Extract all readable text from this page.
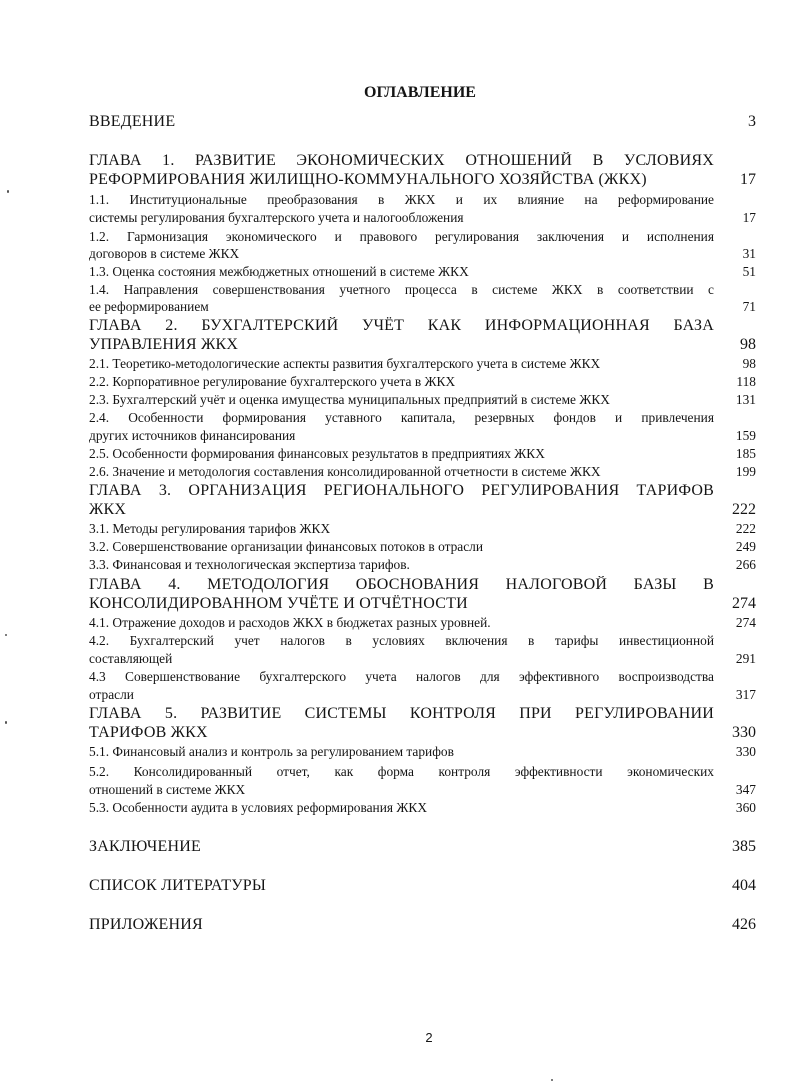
ОГЛАВЛЕНИЕ
ВВЕДЕНИЕ	3
ГЛАВА 1. РАЗВИТИЕ ЭКОНОМИЧЕСКИХ ОТНОШЕНИЙ В УСЛОВИЯХ
РЕФОРМИРОВАНИЯ ЖИЛИЩНО-КОММУНАЛЬНОГО ХОЗЯЙСТВА (ЖКХ)	17
1.1. Институциональные преобразования в ЖКХ и их влияние на реформирование
системы регулирования бухгалтерского учета и налогообложения	17
1.2. Гармонизация экономического и правового регулирования заключения и исполнения
договоров в системе ЖКХ	31
1.3. Оценка состояния межбюджетных отношений в системе ЖКХ	51
1.4. Направления совершенствования учетного процесса в системе ЖКХ в соответствии с
ее реформированием	71
ГЛАВА 2. БУХГАЛТЕРСКИЙ УЧЁТ КАК ИНФОРМАЦИОННАЯ БАЗА
УПРАВЛЕНИЯ ЖКХ	98
2.1. Теоретико-методологические аспекты развития бухгалтерского учета в системе ЖКХ	98
2.2. Корпоративное регулирование бухгалтерского учета в ЖКХ	118
2.3. Бухгалтерский учёт и оценка имущества муниципальных предприятий в системе ЖКХ	131
2.4. Особенности формирования уставного капитала, резервных фондов и привлечения
других источников финансирования	159
2.5. Особенности формирования финансовых результатов в предприятиях ЖКХ	185
2.6. Значение и методология составления консолидированной отчетности в системе ЖКХ	199
ГЛАВА 3. ОРГАНИЗАЦИЯ РЕГИОНАЛЬНОГО РЕГУЛИРОВАНИЯ ТАРИФОВ
ЖКХ	222
3.1. Методы регулирования тарифов ЖКХ	222
3.2. Совершенствование организации финансовых потоков в отрасли	249
3.3. Финансовая и технологическая экспертиза тарифов.	266
ГЛАВА 4. МЕТОДОЛОГИЯ ОБОСНОВАНИЯ НАЛОГОВОЙ БАЗЫ В
КОНСОЛИДИРОВАННОМ УЧЁТЕ И ОТЧЁТНОСТИ	274
4.1. Отражение доходов и расходов ЖКХ в бюджетах разных уровней.	274
4.2. Бухгалтерский учет налогов в условиях включения в тарифы инвестиционной
составляющей	291
4.3 Совершенствование бухгалтерского учета налогов для эффективного воспроизводства
отрасли	317
ГЛАВА 5. РАЗВИТИЕ СИСТЕМЫ КОНТРОЛЯ ПРИ РЕГУЛИРОВАНИИ
ТАРИФОВ ЖКХ	330
5.1. Финансовый анализ и контроль за регулированием тарифов	330
5.2. Консолидированный отчет, как форма контроля эффективности экономических
отношений в системе ЖКХ	347
5.3. Особенности аудита в условиях реформирования ЖКХ	360
ЗАКЛЮЧЕНИЕ	385
СПИСОК ЛИТЕРАТУРЫ	404
ПРИЛОЖЕНИЯ	426
2
